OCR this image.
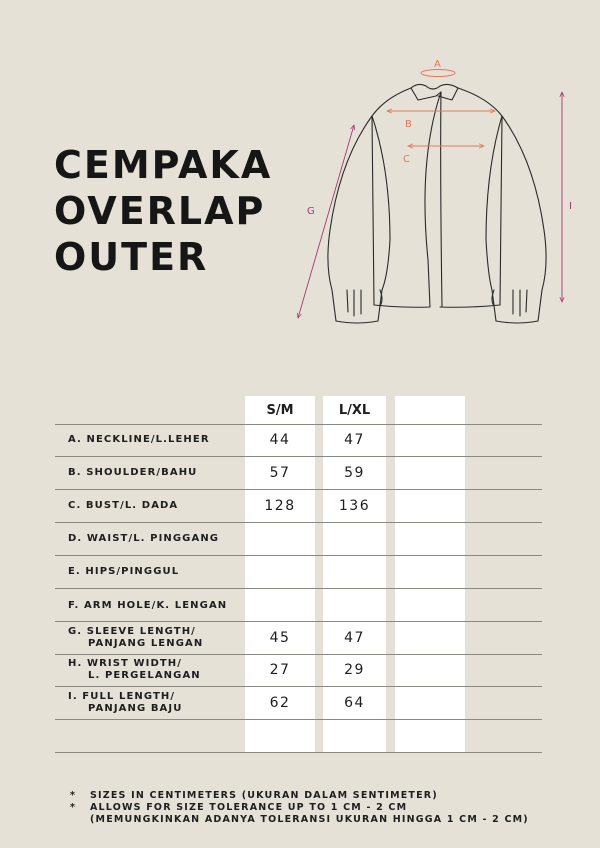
CEMPAKA
OVERLAP
OUTER
A
B
C
G	I
S/M	L/XL
A. NECKLINE/L.LEHER	44	47
B. SHOULDER/BAHU	57	59
C. BUST/L. DADA	128	136
D. WAIST/L. PINGGANG
E. HIPS/PINGGUL
F. ARM HOLE/K. LENGAN
G. SLEEVE LENGTH/
PANJANG LENGAN	45	47
H. WRIST WIDTH/
L. PERGELANGAN	27	29
I. FULL LENGTH/
PANJANG BAJU	62	64
*	SIZES IN CENTIMETERS (UKURAN DALAM SENTIMETER)
*	ALLOWS FOR SIZE TOLERANCE UP TO 1 CM - 2 CM
(MEMUNGKINKAN ADANYA TOLERANSI UKURAN HINGGA 1 CM - 2 CM)
